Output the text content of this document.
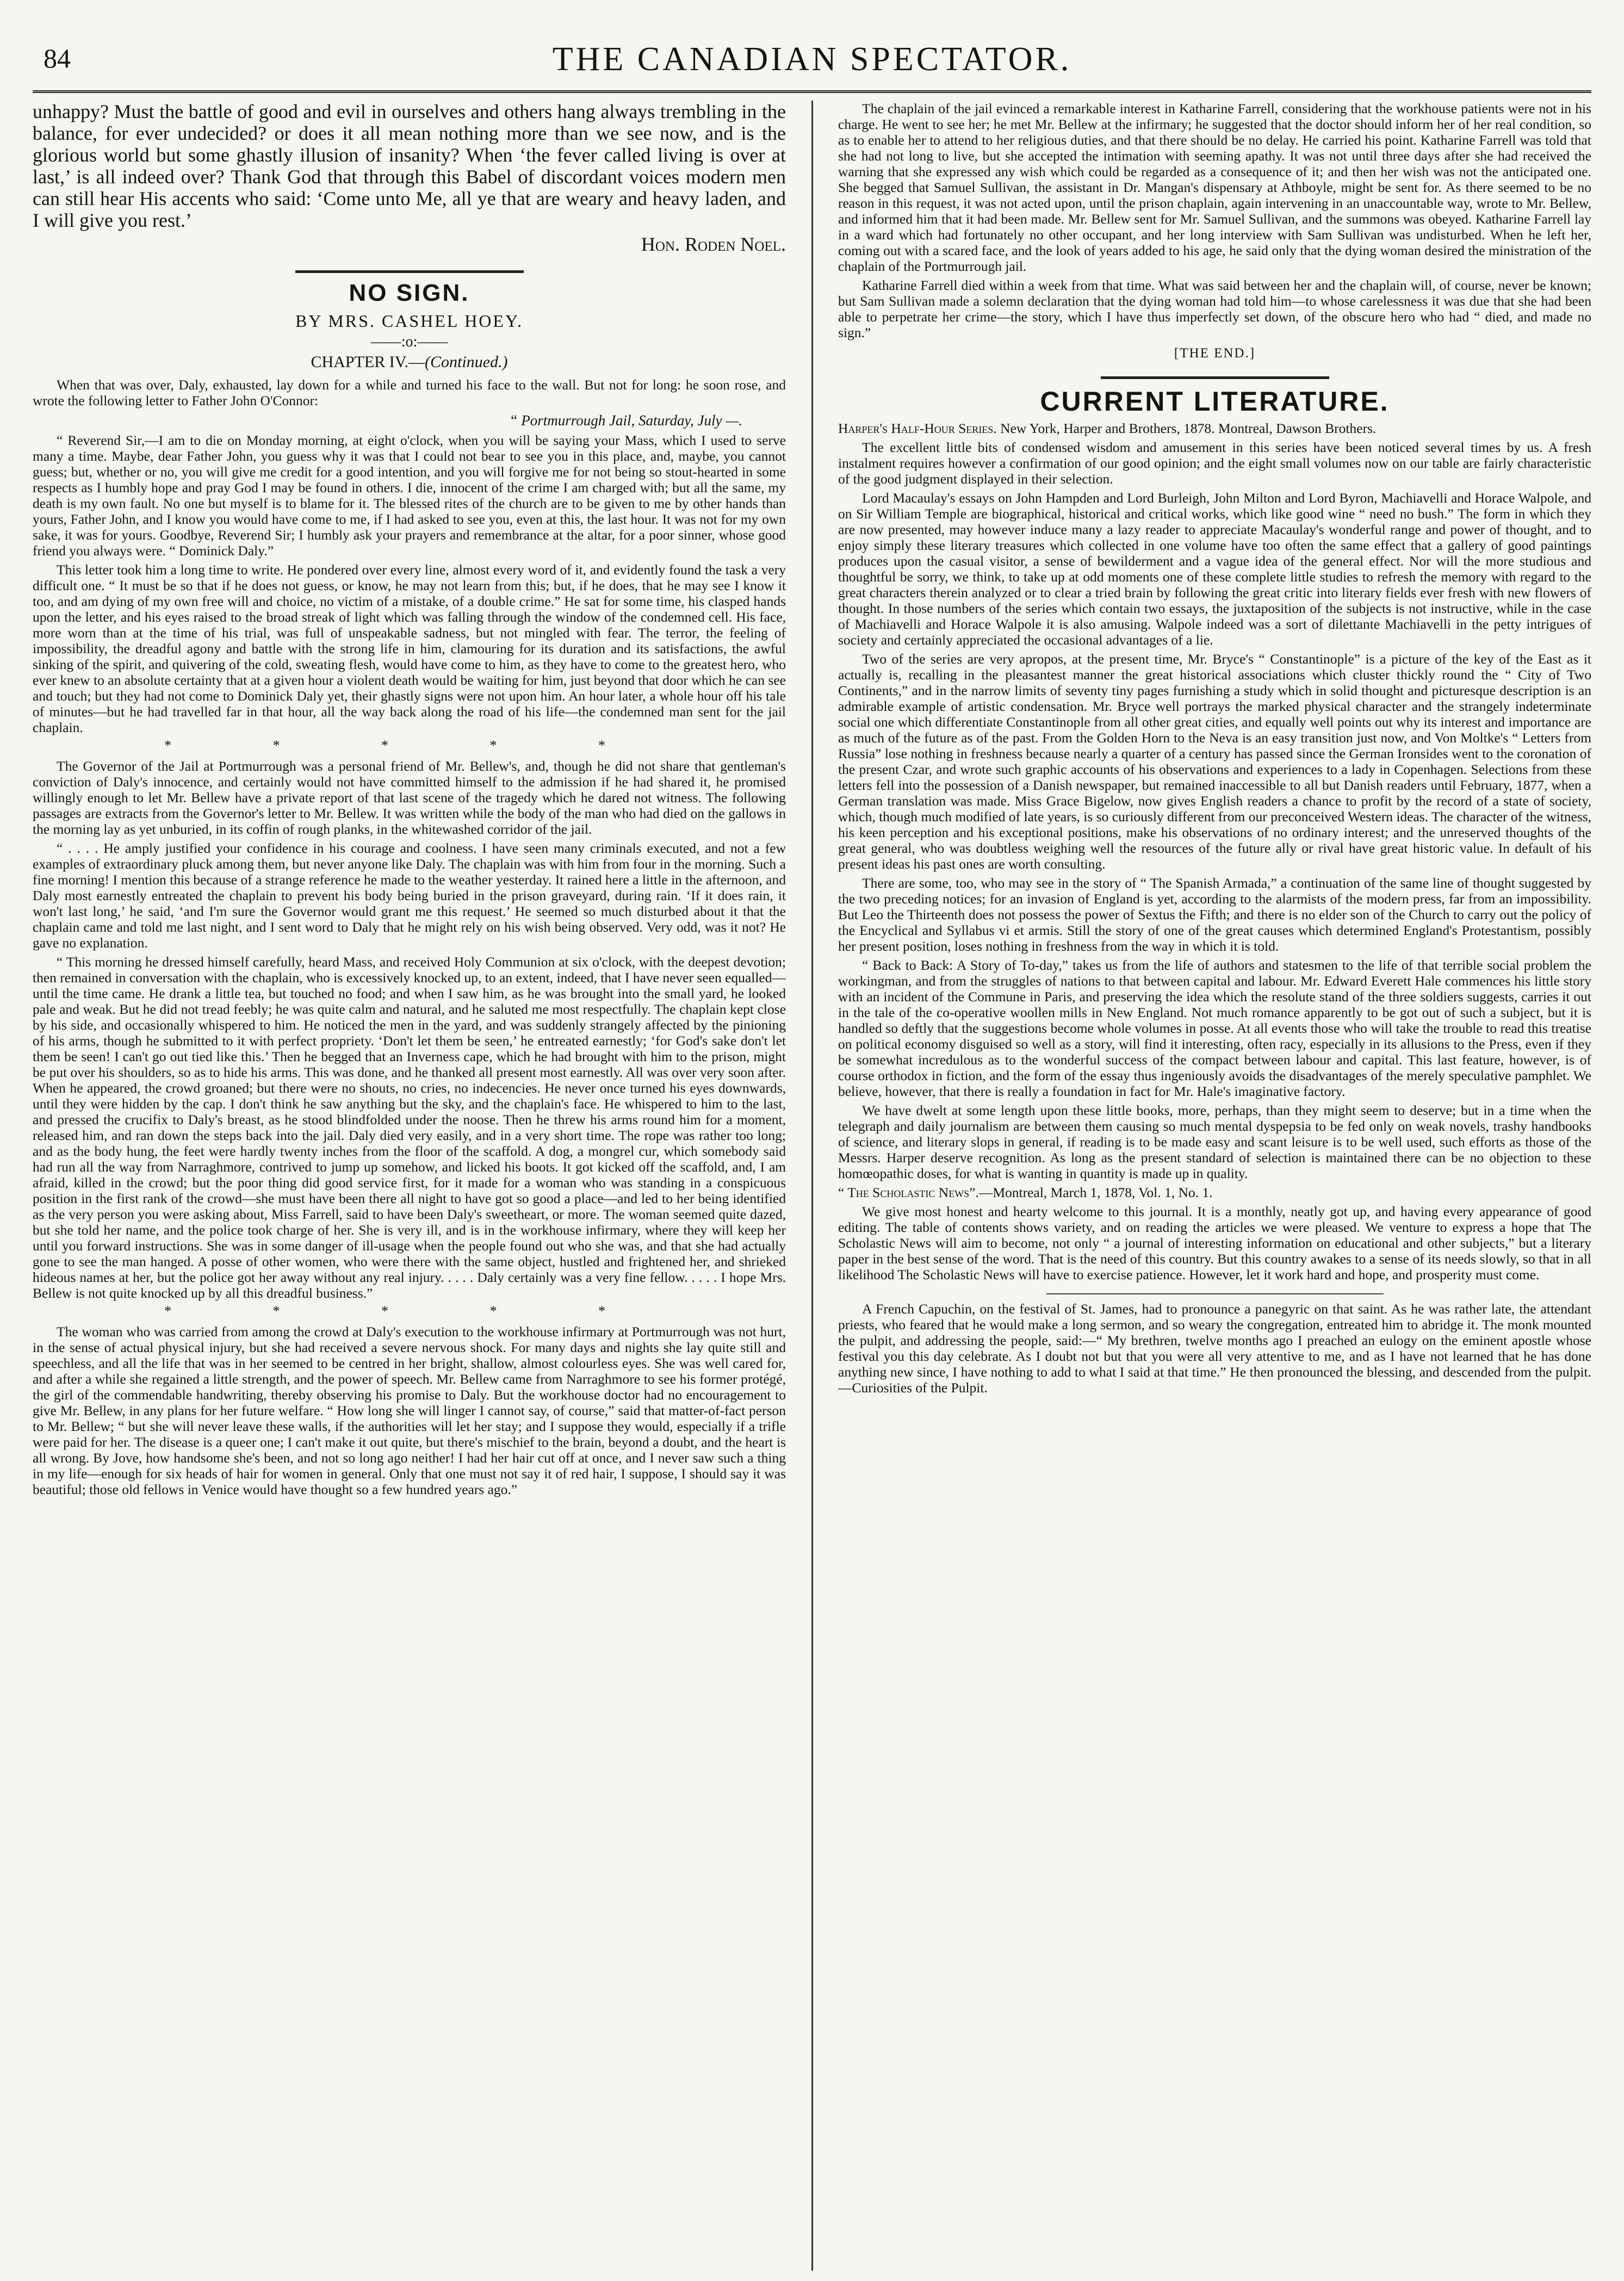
84	THE CANADIAN SPECTATOR.

unhappy? Must the battle of good and evil in ourselves and others hang always trembling in the balance, for ever undecided? or does it all mean nothing more than we see now, and is the glorious world but some ghastly illusion of insanity? When ‘the fever called living is over at last,’ is all indeed over? Thank God that through this Babel of discordant voices modern men can still hear His accents who said: ‘Come unto Me, all ye that are weary and heavy laden, and I will give you rest.’

Hon. Roden Noel.
NO SIGN.
BY MRS. CASHEL HOEY.
——:o:——
CHAPTER IV.—(Continued.)

When that was over, Daly, exhausted, lay down for a while and turned his face to the wall. But not for long: he soon rose, and wrote the following letter to Father John O'Connor:

“ Portmurrough Jail, Saturday, July —.

“ Reverend Sir,—I am to die on Monday morning, at eight o'clock, when you will be saying your Mass, which I used to serve many a time. Maybe, dear Father John, you guess why it was that I could not bear to see you in this place, and, maybe, you cannot guess; but, whether or no, you will give me credit for a good intention, and you will forgive me for not being so stout-hearted in some respects as I humbly hope and pray God I may be found in others. I die, innocent of the crime I am charged with; but all the same, my death is my own fault. No one but myself is to blame for it. The blessed rites of the church are to be given to me by other hands than yours, Father John, and I know you would have come to me, if I had asked to see you, even at this, the last hour. It was not for my own sake, it was for yours. Goodbye, Reverend Sir; I humbly ask your prayers and remembrance at the altar, for a poor sinner, whose good friend you always were. “ Dominick Daly.”

This letter took him a long time to write. He pondered over every line, almost every word of it, and evidently found the task a very difficult one. “ It must be so that if he does not guess, or know, he may not learn from this; but, if he does, that he may see I know it too, and am dying of my own free will and choice, no victim of a mistake, of a double crime.” He sat for some time, his clasped hands upon the letter, and his eyes raised to the broad streak of light which was falling through the window of the condemned cell. His face, more worn than at the time of his trial, was full of unspeakable sadness, but not mingled with fear. The terror, the feeling of impossibility, the dreadful agony and battle with the strong life in him, clamouring for its duration and its satisfactions, the awful sinking of the spirit, and quivering of the cold, sweating flesh, would have come to him, as they have to come to the greatest hero, who ever knew to an absolute certainty that at a given hour a violent death would be waiting for him, just beyond that door which he can see and touch; but they had not come to Dominick Daly yet, their ghastly signs were not upon him. An hour later, a whole hour off his tale of minutes—but he had travelled far in that hour, all the way back along the road of his life—the condemned man sent for the jail chaplain.

* * * * *

The Governor of the Jail at Portmurrough was a personal friend of Mr. Bellew's, and, though he did not share that gentleman's conviction of Daly's innocence, and certainly would not have committed himself to the admission if he had shared it, he promised willingly enough to let Mr. Bellew have a private report of that last scene of the tragedy which he dared not witness. The following passages are extracts from the Governor's letter to Mr. Bellew. It was written while the body of the man who had died on the gallows in the morning lay as yet unburied, in its coffin of rough planks, in the whitewashed corridor of the jail.

“ . . . . He amply justified your confidence in his courage and coolness. I have seen many criminals executed, and not a few examples of extraordinary pluck among them, but never anyone like Daly. The chaplain was with him from four in the morning. Such a fine morning! I mention this because of a strange reference he made to the weather yesterday. It rained here a little in the afternoon, and Daly most earnestly entreated the chaplain to prevent his body being buried in the prison graveyard, during rain. ‘If it does rain, it won't last long,’ he said, ‘and I'm sure the Governor would grant me this request.’ He seemed so much disturbed about it that the chaplain came and told me last night, and I sent word to Daly that he might rely on his wish being observed. Very odd, was it not? He gave no explanation.

“ This morning he dressed himself carefully, heard Mass, and received Holy Communion at six o'clock, with the deepest devotion; then remained in conversation with the chaplain, who is excessively knocked up, to an extent, indeed, that I have never seen equalled—until the time came. He drank a little tea, but touched no food; and when I saw him, as he was brought into the small yard, he looked pale and weak. But he did not tread feebly; he was quite calm and natural, and he saluted me most respectfully. The chaplain kept close by his side, and occasionally whispered to him. He noticed the men in the yard, and was suddenly strangely affected by the pinioning of his arms, though he submitted to it with perfect propriety. ‘Don't let them be seen,’ he entreated earnestly; ‘for God's sake don't let them be seen! I can't go out tied like this.’ Then he begged that an Inverness cape, which he had brought with him to the prison, might be put over his shoulders, so as to hide his arms. This was done, and he thanked all present most earnestly. All was over very soon after. When he appeared, the crowd groaned; but there were no shouts, no cries, no indecencies. He never once turned his eyes downwards, until they were hidden by the cap. I don't think he saw anything but the sky, and the chaplain's face. He whispered to him to the last, and pressed the crucifix to Daly's breast, as he stood blindfolded under the noose. Then he threw his arms round him for a moment, released him, and ran down the steps back into the jail. Daly died very easily, and in a very short time. The rope was rather too long; and as the body hung, the feet were hardly twenty inches from the floor of the scaffold. A dog, a mongrel cur, which somebody said had run all the way from Narraghmore, contrived to jump up somehow, and licked his boots. It got kicked off the scaffold, and, I am afraid, killed in the crowd; but the poor thing did good service first, for it made for a woman who was standing in a conspicuous position in the first rank of the crowd—she must have been there all night to have got so good a place—and led to her being identified as the very person you were asking about, Miss Farrell, said to have been Daly's sweetheart, or more. The woman seemed quite dazed, but she told her name, and the police took charge of her. She is very ill, and is in the workhouse infirmary, where they will keep her until you forward instructions. She was in some danger of ill-usage when the people found out who she was, and that she had actually gone to see the man hanged. A posse of other women, who were there with the same object, hustled and frightened her, and shrieked hideous names at her, but the police got her away without any real injury. . . . . Daly certainly was a very fine fellow. . . . . I hope Mrs. Bellew is not quite knocked up by all this dreadful business.”

* * * * *

The woman who was carried from among the crowd at Daly's execution to the workhouse infirmary at Portmurrough was not hurt, in the sense of actual physical injury, but she had received a severe nervous shock. For many days and nights she lay quite still and speechless, and all the life that was in her seemed to be centred in her bright, shallow, almost colourless eyes. She was well cared for, and after a while she regained a little strength, and the power of speech. Mr. Bellew came from Narraghmore to see his former protégé, the girl of the commendable handwriting, thereby observing his promise to Daly. But the workhouse doctor had no encouragement to give Mr. Bellew, in any plans for her future welfare. “ How long she will linger I cannot say, of course,” said that matter-of-fact person to Mr. Bellew; “ but she will never leave these walls, if the authorities will let her stay; and I suppose they would, especially if a trifle were paid for her. The disease is a queer one; I can't make it out quite, but there's mischief to the brain, beyond a doubt, and the heart is all wrong. By Jove, how handsome she's been, and not so long ago neither! I had her hair cut off at once, and I never saw such a thing in my life—enough for six heads of hair for women in general. Only that one must not say it of red hair, I suppose, I should say it was beautiful; those old fellows in Venice would have thought so a few hundred years ago.”

The chaplain of the jail evinced a remarkable interest in Katharine Farrell, considering that the workhouse patients were not in his charge. He went to see her; he met Mr. Bellew at the infirmary; he suggested that the doctor should inform her of her real condition, so as to enable her to attend to her religious duties, and that there should be no delay. He carried his point. Katharine Farrell was told that she had not long to live, but she accepted the intimation with seeming apathy. It was not until three days after she had received the warning that she expressed any wish which could be regarded as a consequence of it; and then her wish was not the anticipated one. She begged that Samuel Sullivan, the assistant in Dr. Mangan's dispensary at Athboyle, might be sent for. As there seemed to be no reason in this request, it was not acted upon, until the prison chaplain, again intervening in an unaccountable way, wrote to Mr. Bellew, and informed him that it had been made. Mr. Bellew sent for Mr. Samuel Sullivan, and the summons was obeyed. Katharine Farrell lay in a ward which had fortunately no other occupant, and her long interview with Sam Sullivan was undisturbed. When he left her, coming out with a scared face, and the look of years added to his age, he said only that the dying woman desired the ministration of the chaplain of the Portmurrough jail.

Katharine Farrell died within a week from that time. What was said between her and the chaplain will, of course, never be known; but Sam Sullivan made a solemn declaration that the dying woman had told him—to whose carelessness it was due that she had been able to perpetrate her crime—the story, which I have thus imperfectly set down, of the obscure hero who had “ died, and made no sign.”

[THE END.]
CURRENT LITERATURE.

Harper's Half-Hour Series. New York, Harper and Brothers, 1878. Montreal, Dawson Brothers.

The excellent little bits of condensed wisdom and amusement in this series have been noticed several times by us. A fresh instalment requires however a confirmation of our good opinion; and the eight small volumes now on our table are fairly characteristic of the good judgment displayed in their selection.

Lord Macaulay's essays on John Hampden and Lord Burleigh, John Milton and Lord Byron, Machiavelli and Horace Walpole, and on Sir William Temple are biographical, historical and critical works, which like good wine “ need no bush.” The form in which they are now presented, may however induce many a lazy reader to appreciate Macaulay's wonderful range and power of thought, and to enjoy simply these literary treasures which collected in one volume have too often the same effect that a gallery of good paintings produces upon the casual visitor, a sense of bewilderment and a vague idea of the general effect. Nor will the more studious and thoughtful be sorry, we think, to take up at odd moments one of these complete little studies to refresh the memory with regard to the great characters therein analyzed or to clear a tried brain by following the great critic into literary fields ever fresh with new flowers of thought. In those numbers of the series which contain two essays, the juxtaposition of the subjects is not instructive, while in the case of Machiavelli and Horace Walpole it is also amusing. Walpole indeed was a sort of dilettante Machiavelli in the petty intrigues of society and certainly appreciated the occasional advantages of a lie.

Two of the series are very apropos, at the present time, Mr. Bryce's “ Constantinople” is a picture of the key of the East as it actually is, recalling in the pleasantest manner the great historical associations which cluster thickly round the “ City of Two Continents,” and in the narrow limits of seventy tiny pages furnishing a study which in solid thought and picturesque description is an admirable example of artistic condensation. Mr. Bryce well portrays the marked physical character and the strangely indeterminate social one which differentiate Constantinople from all other great cities, and equally well points out why its interest and importance are as much of the future as of the past. From the Golden Horn to the Neva is an easy transition just now, and Von Moltke's “ Letters from Russia” lose nothing in freshness because nearly a quarter of a century has passed since the German Ironsides went to the coronation of the present Czar, and wrote such graphic accounts of his observations and experiences to a lady in Copenhagen. Selections from these letters fell into the possession of a Danish newspaper, but remained inaccessible to all but Danish readers until February, 1877, when a German translation was made. Miss Grace Bigelow, now gives English readers a chance to profit by the record of a state of society, which, though much modified of late years, is so curiously different from our preconceived Western ideas. The character of the witness, his keen perception and his exceptional positions, make his observations of no ordinary interest; and the unreserved thoughts of the great general, who was doubtless weighing well the resources of the future ally or rival have great historic value. In default of his present ideas his past ones are worth consulting.

There are some, too, who may see in the story of “ The Spanish Armada,” a continuation of the same line of thought suggested by the two preceding notices; for an invasion of England is yet, according to the alarmists of the modern press, far from an impossibility. But Leo the Thirteenth does not possess the power of Sextus the Fifth; and there is no elder son of the Church to carry out the policy of the Encyclical and Syllabus vi et armis. Still the story of one of the great causes which determined England's Protestantism, possibly her present position, loses nothing in freshness from the way in which it is told.

“ Back to Back: A Story of To-day,” takes us from the life of authors and statesmen to the life of that terrible social problem the workingman, and from the struggles of nations to that between capital and labour. Mr. Edward Everett Hale commences his little story with an incident of the Commune in Paris, and preserving the idea which the resolute stand of the three soldiers suggests, carries it out in the tale of the co-operative woollen mills in New England. Not much romance apparently to be got out of such a subject, but it is handled so deftly that the suggestions become whole volumes in posse. At all events those who will take the trouble to read this treatise on political economy disguised so well as a story, will find it interesting, often racy, especially in its allusions to the Press, even if they be somewhat incredulous as to the wonderful success of the compact between labour and capital. This last feature, however, is of course orthodox in fiction, and the form of the essay thus ingeniously avoids the disadvantages of the merely speculative pamphlet. We believe, however, that there is really a foundation in fact for Mr. Hale's imaginative factory.

We have dwelt at some length upon these little books, more, perhaps, than they might seem to deserve; but in a time when the telegraph and daily journalism are between them causing so much mental dyspepsia to be fed only on weak novels, trashy handbooks of science, and literary slops in general, if reading is to be made easy and scant leisure is to be well used, such efforts as those of the Messrs. Harper deserve recognition. As long as the present standard of selection is maintained there can be no objection to these homœopathic doses, for what is wanting in quantity is made up in quality.

“ The Scholastic News”.—Montreal, March 1, 1878, Vol. 1, No. 1.

We give most honest and hearty welcome to this journal. It is a monthly, neatly got up, and having every appearance of good editing. The table of contents shows variety, and on reading the articles we were pleased. We venture to express a hope that The Scholastic News will aim to become, not only “ a journal of interesting information on educational and other subjects,” but a literary paper in the best sense of the word. That is the need of this country. But this country awakes to a sense of its needs slowly, so that in all likelihood The Scholastic News will have to exercise patience. However, let it work hard and hope, and prosperity must come.

A French Capuchin, on the festival of St. James, had to pronounce a panegyric on that saint. As he was rather late, the attendant priests, who feared that he would make a long sermon, and so weary the congregation, entreated him to abridge it. The monk mounted the pulpit, and addressing the people, said:—“ My brethren, twelve months ago I preached an eulogy on the eminent apostle whose festival you this day celebrate. As I doubt not but that you were all very attentive to me, and as I have not learned that he has done anything new since, I have nothing to add to what I said at that time.” He then pronounced the blessing, and descended from the pulpit.—Curiosities of the Pulpit.
